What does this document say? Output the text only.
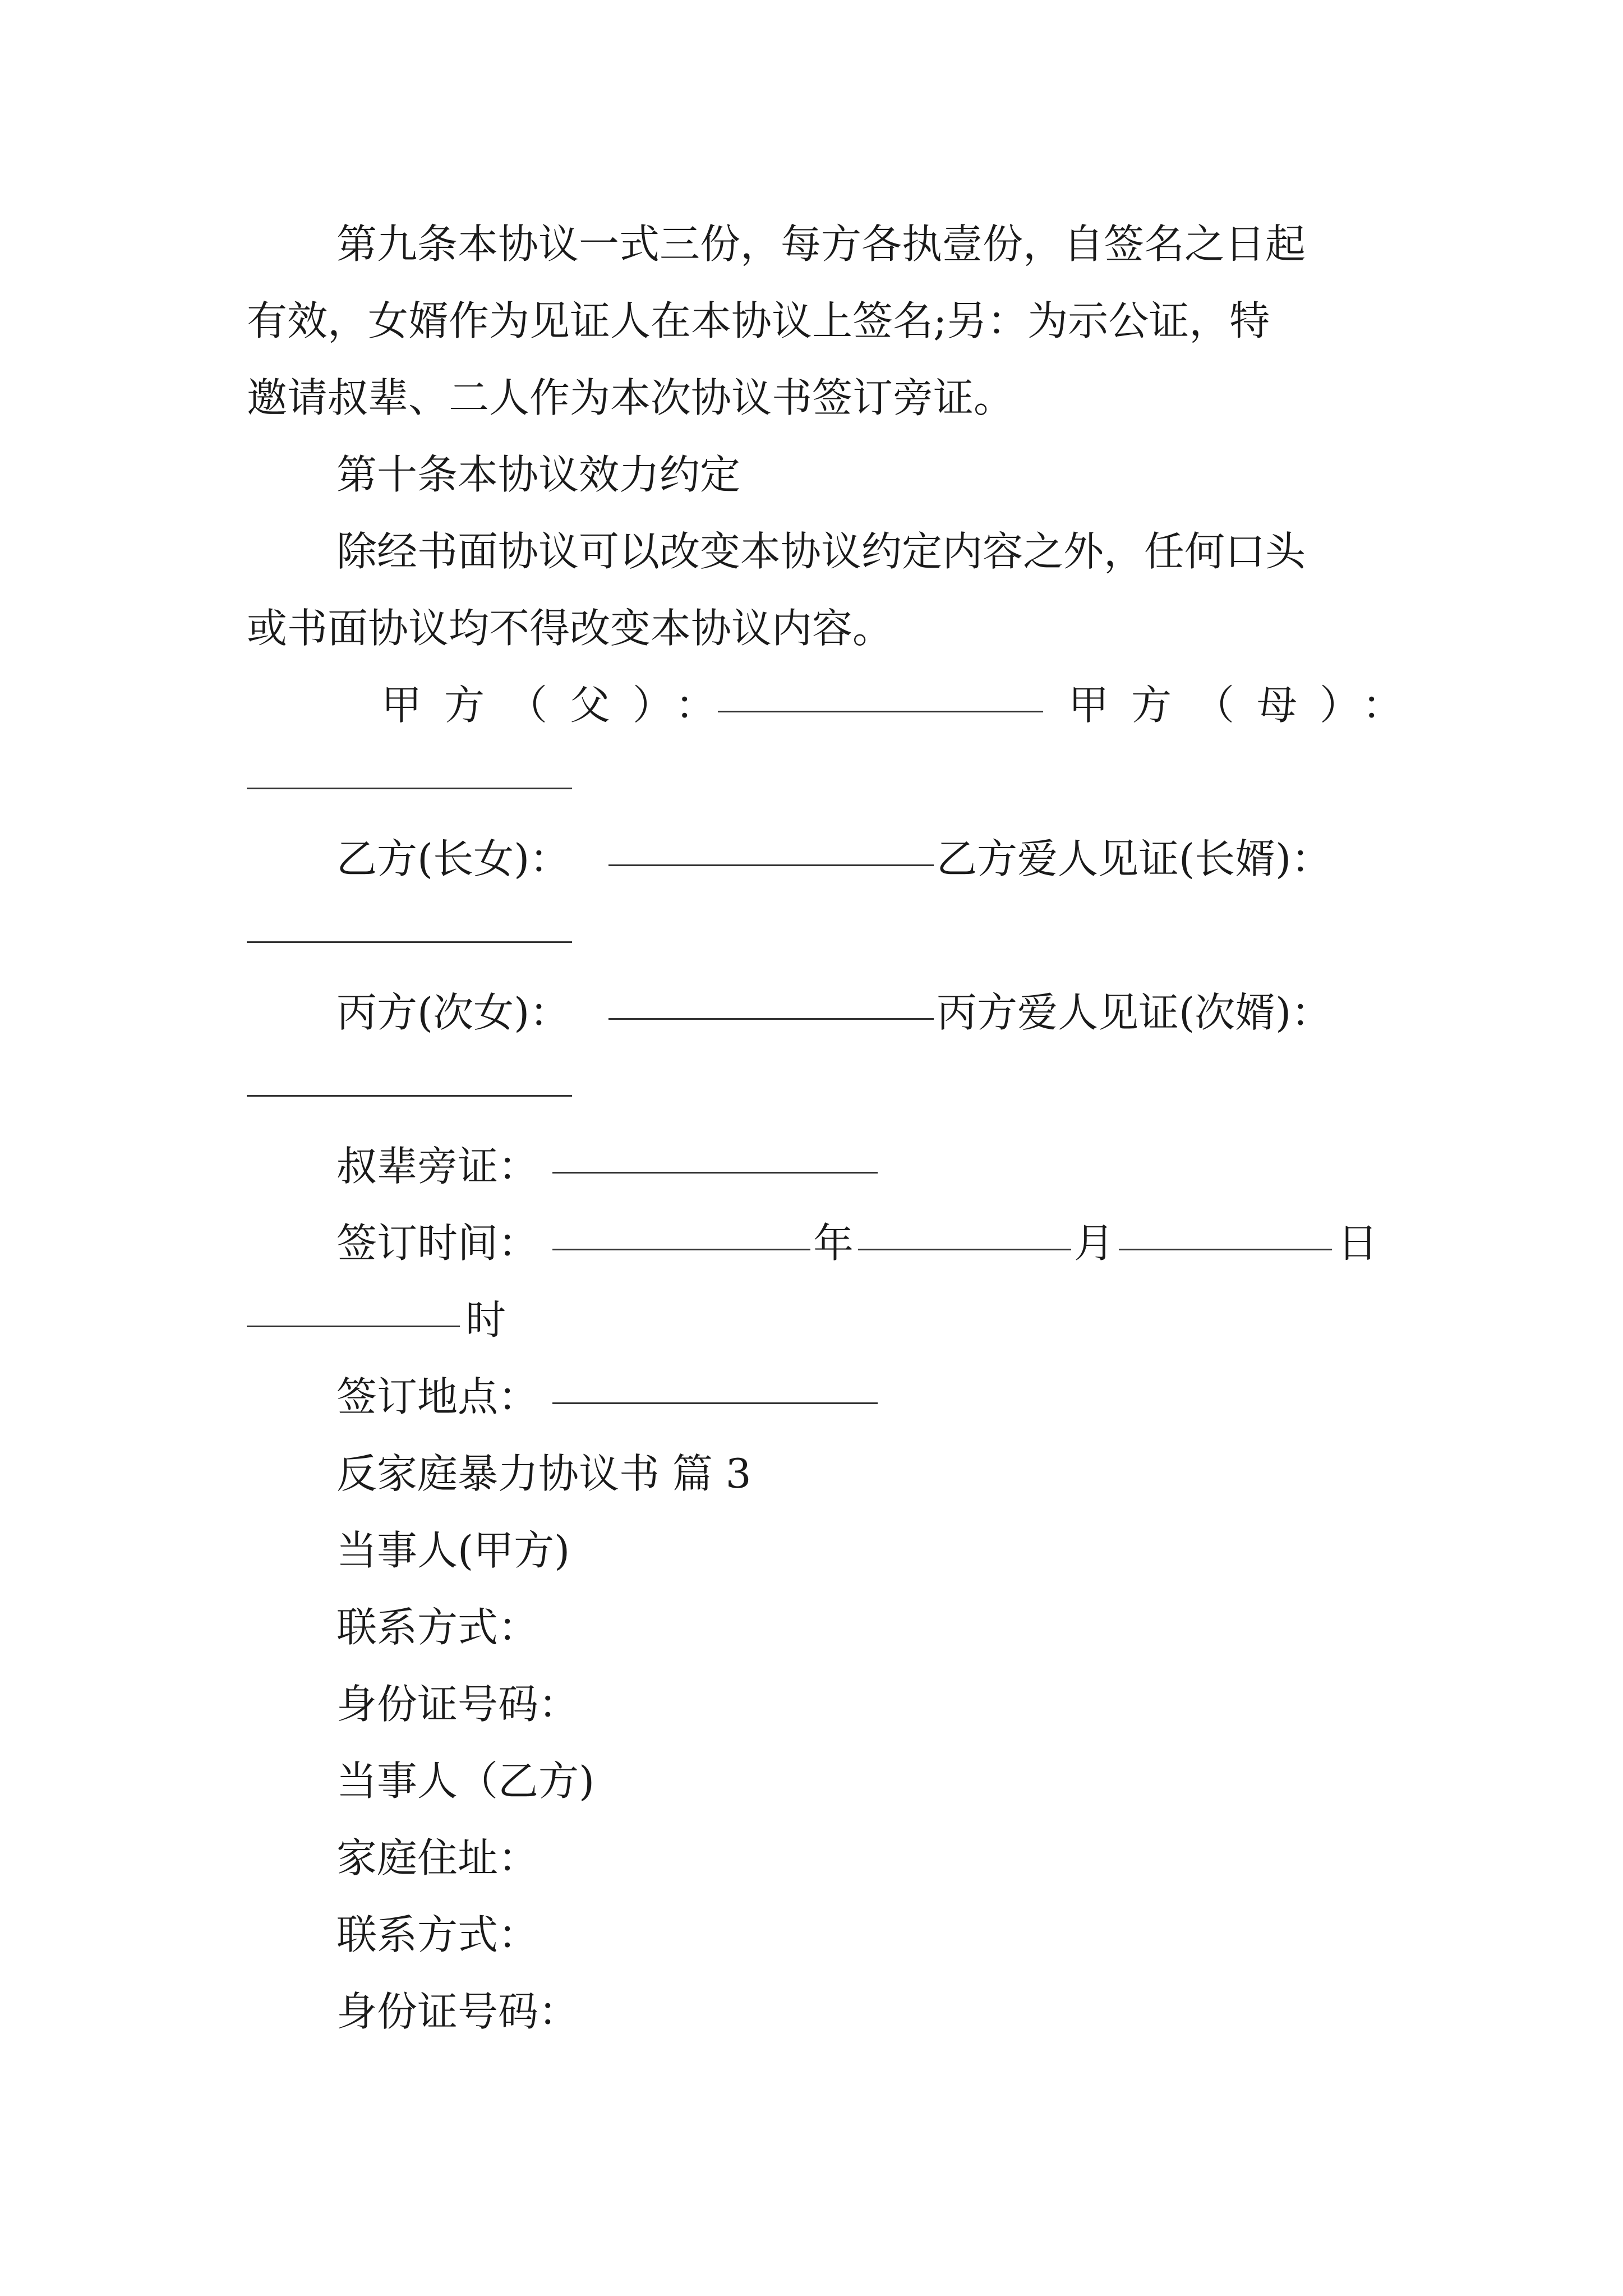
第九条本协议一式三份，每方各执壹份，自签名之日起
有效，女婿作为见证人在本协议上签名;另：为示公证，特
邀请叔辈、二人作为本次协议书签订旁证。
第十条本协议效力约定
除经书面协议可以改变本协议约定内容之外，任何口头
或书面协议均不得改变本协议内容。
甲方（父）：	甲方（母）：
乙方(长女)：	乙方爱人见证(长婿)：
丙方(次女)：	丙方爱人见证(次婿)：
叔辈旁证：
签订时间：	年	月	日
时
签订地点：
反家庭暴力协议书 篇 3
当事人(甲方)
联系方式：
身份证号码：
当事人（乙方)
家庭住址：
联系方式：
身份证号码：
